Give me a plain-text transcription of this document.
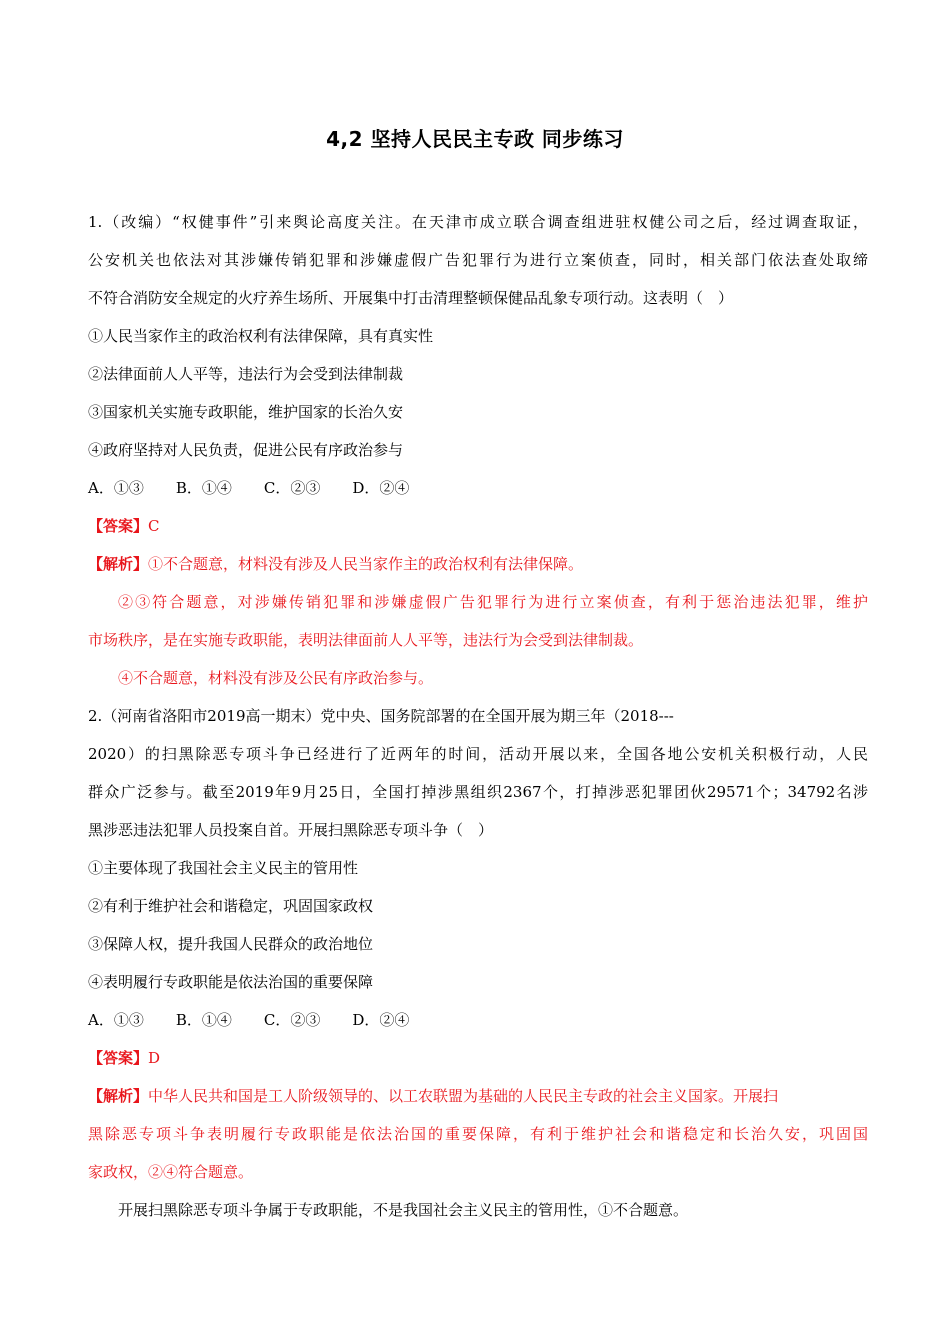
4,2 坚持人民民主专政 同步练习
1.（改编）“权健事件”引来舆论高度关注。在天津市成立联合调查组进驻权健公司之后，经过调查取证，
公安机关也依法对其涉嫌传销犯罪和涉嫌虚假广告犯罪行为进行立案侦查，同时，相关部门依法查处取缔
不符合消防安全规定的火疗养生场所、开展集中打击清理整顿保健品乱象专项行动。这表明（　）
①人民当家作主的政治权利有法律保障，具有真实性
②法律面前人人平等，违法行为会受到法律制裁
③国家机关实施专政职能，维护国家的长治久安
④政府坚持对人民负责，促进公民有序政治参与
A．①③ B．①④ C．②③ D．②④
【答案】C
【解析】①不合题意，材料没有涉及人民当家作主的政治权利有法律保障。
②③符合题意，对涉嫌传销犯罪和涉嫌虚假广告犯罪行为进行立案侦查，有利于惩治违法犯罪，维护
市场秩序，是在实施专政职能，表明法律面前人人平等，违法行为会受到法律制裁。
④不合题意，材料没有涉及公民有序政治参与。
2.（河南省洛阳市2019高一期末）党中央、国务院部署的在全国开展为期三年（2018---
2020）的扫黑除恶专项斗争已经进行了近两年的时间，活动开展以来，全国各地公安机关积极行动，人民
群众广泛参与。截至2019年9月25日，全国打掉涉黑组织2367个，打掉涉恶犯罪团伙29571个；34792名涉
黑涉恶违法犯罪人员投案自首。开展扫黑除恶专项斗争（　）
①主要体现了我国社会主义民主的管用性
②有利于维护社会和谐稳定，巩固国家政权
③保障人权，提升我国人民群众的政治地位
④表明履行专政职能是依法治国的重要保障
A．①③ B．①④ C．②③ D．②④
【答案】D
【解析】中华人民共和国是工人阶级领导的、以工农联盟为基础的人民民主专政的社会主义国家。开展扫
黑除恶专项斗争表明履行专政职能是依法治国的重要保障，有利于维护社会和谐稳定和长治久安，巩固国
家政权，②④符合题意。
开展扫黑除恶专项斗争属于专政职能，不是我国社会主义民主的管用性，①不合题意。
